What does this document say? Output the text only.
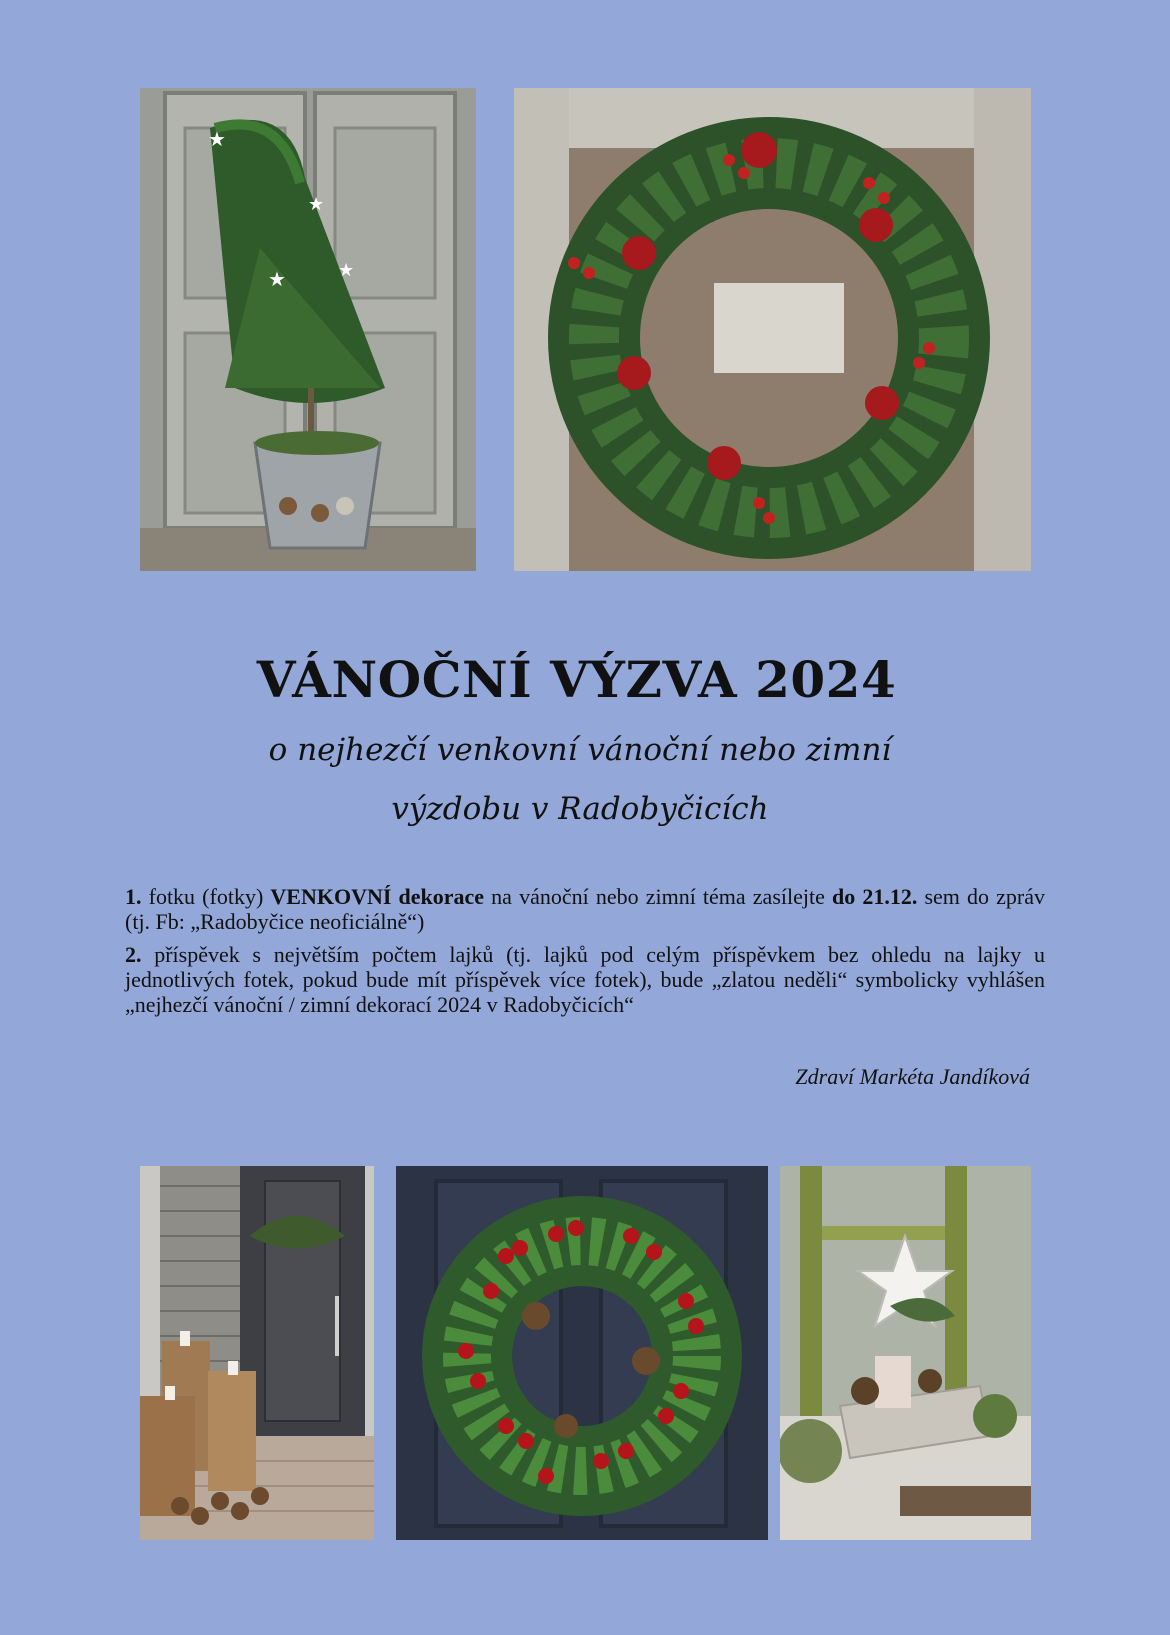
★
★
★	★
VÁNOČNÍ VÝZVA 2024
o nejhezčí venkovní vánoční nebo zimní
výzdobu v Radobyčicích

1. fotku (fotky) VENKOVNÍ dekorace na vánoční nebo zimní téma zasílejte do 21.12. sem do zpráv (tj. Fb: „Radobyčice neoficiálně“)

2. příspěvek s největším počtem lajků (tj. lajků pod celým příspěvkem bez ohledu na lajky u jednotlivých fotek, pokud bude mít příspěvek více fotek), bude „zlatou neděli“ symbolicky vyhlášen „nejhezčí vánoční / zimní dekorací 2024 v Radobyčicích“

Zdraví Markéta Jandíková
